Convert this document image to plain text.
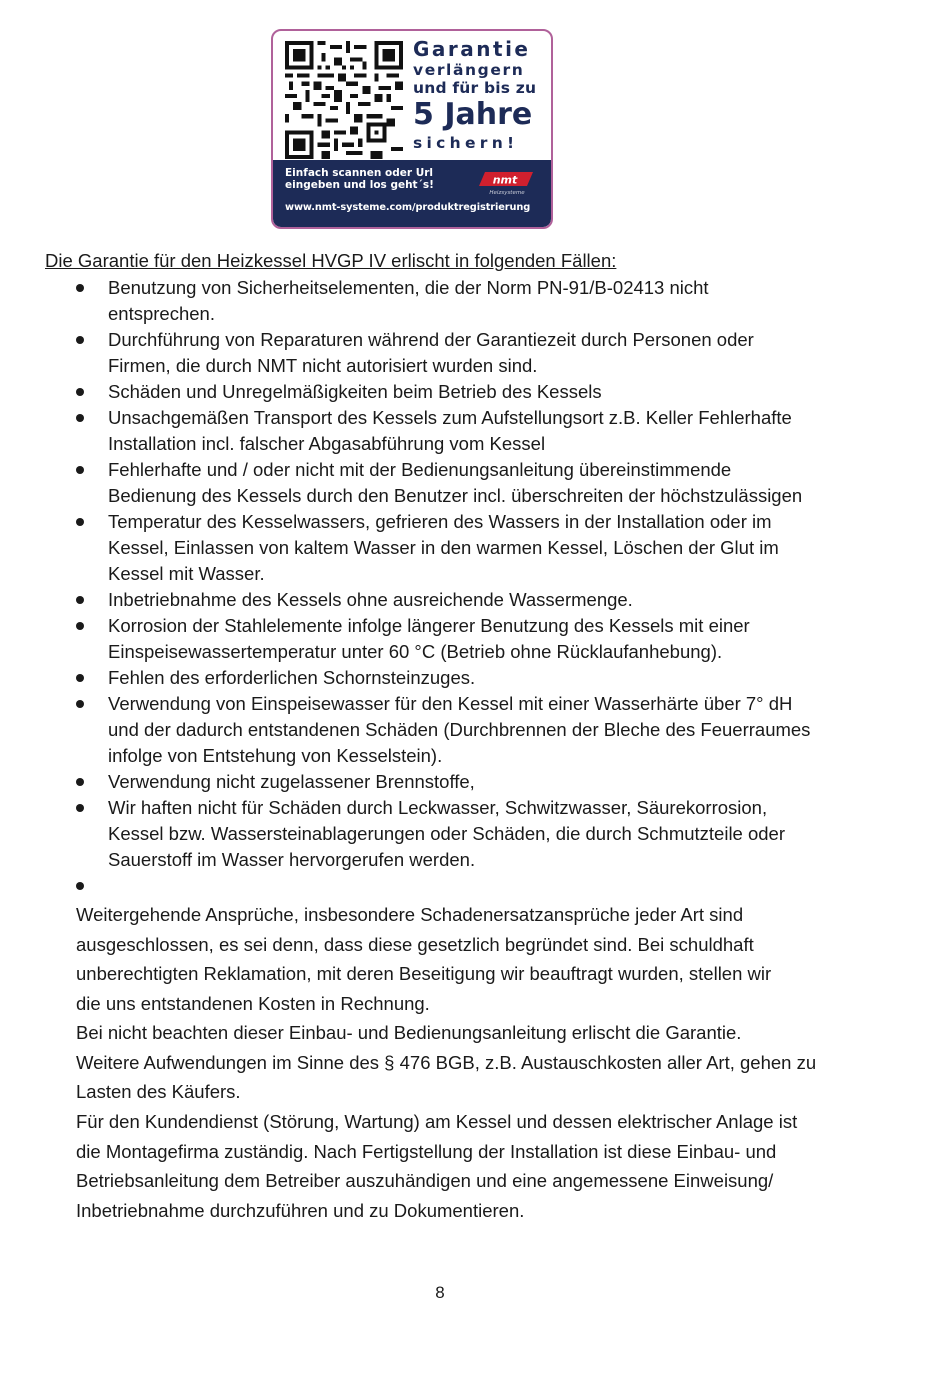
Garantie
verlängern
und für bis zu
5 Jahre
sichern!
Einfach scannen oder Url
eingeben und los geht´s!	nmt
Heizsysteme
www.nmt-systeme.com/produktregistrierung
Die Garantie für den Heizkessel HVGP IV erlischt in folgenden Fällen:
Benutzung von Sicherheitselementen, die der Norm PN-91/B-02413 nicht
entsprechen.
Durchführung von Reparaturen während der Garantiezeit durch Personen oder
Firmen, die durch NMT nicht autorisiert wurden sind.
Schäden und Unregelmäßigkeiten beim Betrieb des Kessels
Unsachgemäßen Transport des Kessels zum Aufstellungsort z.B. Keller Fehlerhafte
Installation incl. falscher Abgasabführung vom Kessel
Fehlerhafte und / oder nicht mit der Bedienungsanleitung übereinstimmende
Bedienung des Kessels durch den Benutzer incl. überschreiten der höchstzulässigen
Temperatur des Kesselwassers, gefrieren des Wassers in der Installation oder im
Kessel, Einlassen von kaltem Wasser in den warmen Kessel, Löschen der Glut im
Kessel mit Wasser.
Inbetriebnahme des Kessels ohne ausreichende Wassermenge.
Korrosion der Stahlelemente infolge längerer Benutzung des Kessels mit einer
Einspeisewassertemperatur unter 60 °C (Betrieb ohne Rücklaufanhebung).
Fehlen des erforderlichen Schornsteinzuges.
Verwendung von Einspeisewasser für den Kessel mit einer Wasserhärte über 7° dH
und der dadurch entstandenen Schäden (Durchbrennen der Bleche des Feuerraumes
infolge von Entstehung von Kesselstein).
Verwendung nicht zugelassener Brennstoffe,
Wir haften nicht für Schäden durch Leckwasser, Schwitzwasser, Säurekorrosion,
Kessel bzw. Wassersteinablagerungen oder Schäden, die durch Schmutzteile oder
Sauerstoff im Wasser hervorgerufen werden.
Weitergehende Ansprüche, insbesondere Schadenersatzansprüche jeder Art sind
ausgeschlossen, es sei denn, dass diese gesetzlich begründet sind. Bei schuldhaft
unberechtigten Reklamation, mit deren Beseitigung wir beauftragt wurden, stellen wir
die uns entstandenen Kosten in Rechnung.
Bei nicht beachten dieser Einbau- und Bedienungsanleitung erlischt die Garantie.
Weitere Aufwendungen im Sinne des § 476 BGB, z.B. Austauschkosten aller Art, gehen zu
Lasten des Käufers.
Für den Kundendienst (Störung, Wartung) am Kessel und dessen elektrischer Anlage ist
die Montagefirma zuständig. Nach Fertigstellung der Installation ist diese Einbau- und
Betriebsanleitung dem Betreiber auszuhändigen und eine angemessene Einweisung/
Inbetriebnahme durchzuführen und zu Dokumentieren.
8
